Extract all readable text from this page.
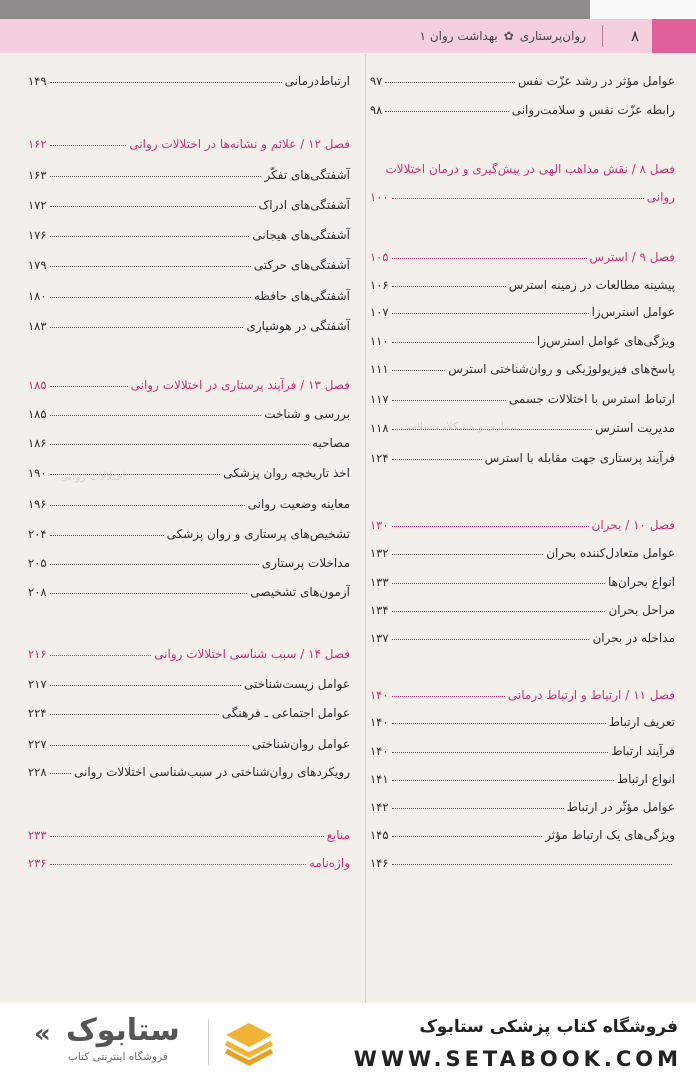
۸
روان‌پرستاری
✿
بهداشت روان ۱
بیماری و مشکلات سلامت
اختلالات روانی
عوامل مؤثر در رشد عزّت نفس
۹۷
رابطه عزّت نفس و سلامت‌روانی
۹۸
فصل ۸ / نقش مذاهب الهی در پیش‌گیری و درمان اختلالات
روانی
۱۰۰
فصل ۹ / استرس
۱۰۵
پیشینه مطالعات در زمینه استرس
۱۰۶
عوامل استرس‌زا
۱۰۷
ویژگی‌های عوامل استرس‌زا
۱۱۰
پاسخ‌های فیزیولوژیکی و روان‌شناختی استرس
۱۱۱
ارتباط استرس با اختلالات جسمی
۱۱۷
مدیریت استرس
۱۱۸
فرآیند پرستاری جهت مقابله با استرس
۱۲۴
فصل ۱۰ / بحران
۱۳۰
عوامل متعادل‌کننده بحران
۱۳۲
انواع بحران‌ها
۱۳۳
مراحل بحران
۱۳۴
مداخله در بحران
۱۳۷
فصل ۱۱ / ارتباط و ارتباط درمانی
۱۴۰
تعریف ارتباط
۱۴۰
فرآیند ارتباط
۱۴۰
انواع ارتباط
۱۴۱
عوامل مؤثّر در ارتباط
۱۴۲
ویژگی‌های یک ارتباط مؤثر
۱۴۵
۱۴۶
ارتباط‌درمانی
۱۴۹
فصل ۱۲ / علائم و نشانه‌ها در اختلالات روانی
۱۶۲
آشفتگی‌های تفکّر
۱۶۳
آشفتگی‌های ادراک
۱۷۲
آشفتگی‌های هیجانی
۱۷۶
آشفتگی‌های حرکتی
۱۷۹
آشفتگی‌های حافظه
۱۸۰
آشفتگی در هوشیاری
۱۸۳
فصل ۱۳ / فرآیند پرستاری در اختلالات روانی
۱۸۵
بررسی و شناخت
۱۸۵
مصاحبه
۱۸۶
اخذ تاریخچه روان پزشکی
۱۹۰
معاینه وضعیت روانی
۱۹۶
تشخیص‌های پرستاری و روان پزشکی
۲۰۴
مداخلات پرستاری
۲۰۵
آزمون‌های تشخیصی
۲۰۸
فصل ۱۴ / سبب شناسی اختلالات روانی
۲۱۶
عوامل زیست‌شناختی
۲۱۷
عوامل اجتماعی ـ فرهنگی
۲۲۴
عوامل روان‌شناختی
۲۲۷
رویکردهای روان‌شناختی در سبب‌شناسی اختلالات روانی
۲۲۸
منابع
۲۳۳
واژه‌نامه
۲۳۶
« ستابوک
فروشگاه اینترنتی کتاب
فروشگاه کتاب پزشکی ستابوک
WWW.SETABOOK.COM
